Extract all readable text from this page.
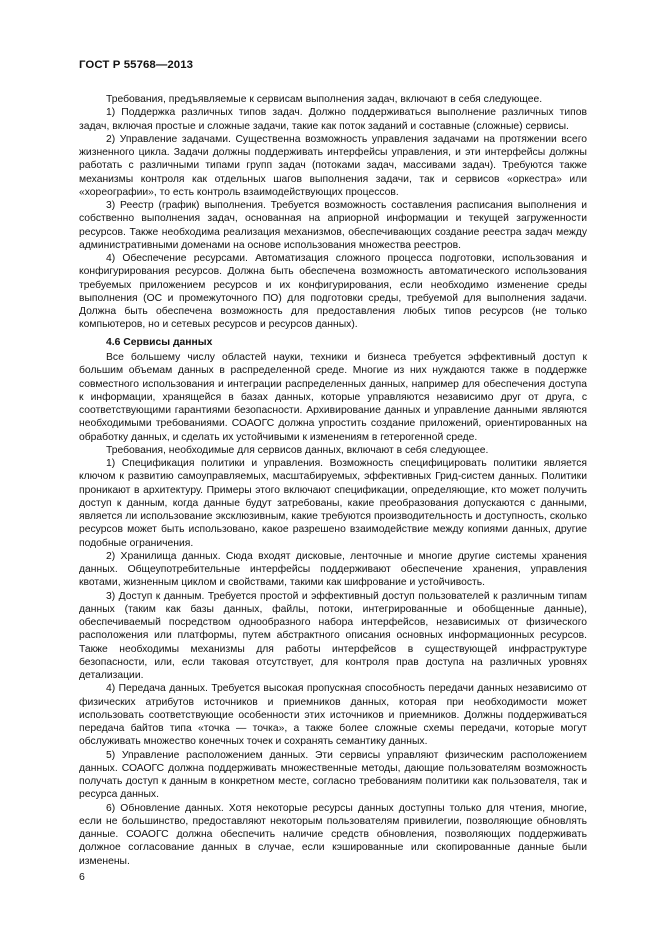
ГОСТ Р 55768—2013

Требования, предъявляемые к сервисам выполнения задач, включают в себя следующее.

1) Поддержка различных типов задач. Должно поддерживаться выполнение различных типов задач, включая простые и сложные задачи, такие как поток заданий и составные (сложные) сервисы.

2) Управление задачами. Существенна возможность управления задачами на протяжении всего жизненного цикла. Задачи должны поддерживать интерфейсы управления, и эти интерфейсы должны работать с различными типами групп задач (потоками задач, массивами задач). Требуются также механизмы контроля как отдельных шагов выполнения задачи, так и сервисов «оркестра» или «хореографии», то есть контроль взаимодействующих процессов.

3) Реестр (график) выполнения. Требуется возможность составления расписания выполнения и собственно выполнения задач, основанная на априорной информации и текущей загруженности ресурсов. Также необходима реализация механизмов, обеспечивающих создание реестра задач между административными доменами на основе использования множества реестров.

4) Обеспечение ресурсами. Автоматизация сложного процесса подготовки, использования и конфигурирования ресурсов. Должна быть обеспечена возможность автоматического использования требуемых приложением ресурсов и их конфигурирования, если необходимо изменение среды выполнения (ОС и промежуточного ПО) для подготовки среды, требуемой для выполнения задачи. Должна быть обеспечена возможность для предоставления любых типов ресурсов (не только компьютеров, но и сетевых ресурсов и ресурсов данных).

4.6 Сервисы данных

Все большему числу областей науки, техники и бизнеса требуется эффективный доступ к большим объемам данных в распределенной среде. Многие из них нуждаются также в поддержке совместного использования и интеграции распределенных данных, например для обеспечения доступа к информации, хранящейся в базах данных, которые управляются независимо друг от друга, с соответствующими гарантиями безопасности. Архивирование данных и управление данными являются необходимыми требованиями. СОАОГС должна упростить создание приложений, ориентированных на обработку данных, и сделать их устойчивыми к изменениям в гетерогенной среде.

Требования, необходимые для сервисов данных, включают в себя следующее.

1) Спецификация политики и управления. Возможность специфицировать политики является ключом к развитию самоуправляемых, масштабируемых, эффективных Грид-систем данных. Политики проникают в архитектуру. Примеры этого включают спецификации, определяющие, кто может получить доступ к данным, когда данные будут затребованы, какие преобразования допускаются с данными, является ли использование эксклюзивным, какие требуются производительность и доступность, сколько ресурсов может быть использовано, какое разрешено взаимодействие между копиями данных, другие подобные ограничения.

2) Хранилища данных. Сюда входят дисковые, ленточные и многие другие системы хранения данных. Общеупотребительные интерфейсы поддерживают обеспечение хранения, управления квотами, жизненным циклом и свойствами, такими как шифрование и устойчивость.

3) Доступ к данным. Требуется простой и эффективный доступ пользователей к различным типам данных (таким как базы данных, файлы, потоки, интегрированные и обобщенные данные), обеспечиваемый посредством однообразного набора интерфейсов, независимых от физического расположения или платформы, путем абстрактного описания основных информационных ресурсов. Также необходимы механизмы для работы интерфейсов в существующей инфраструктуре безопасности, или, если таковая отсутствует, для контроля прав доступа на различных уровнях детализации.

4) Передача данных. Требуется высокая пропускная способность передачи данных независимо от физических атрибутов источников и приемников данных, которая при необходимости может использовать соответствующие особенности этих источников и приемников. Должны поддерживаться передача байтов типа «точка — точка», а также более сложные схемы передачи, которые могут обслуживать множество конечных точек и сохранять семантику данных.

5) Управление расположением данных. Эти сервисы управляют физическим расположением данных. СОАОГС должна поддерживать множественные методы, дающие пользователям возможность получать доступ к данным в конкретном месте, согласно требованиям политики как пользователя, так и ресурса данных.

6) Обновление данных. Хотя некоторые ресурсы данных доступны только для чтения, многие, если не большинство, предоставляют некоторым пользователям привилегии, позволяющие обновлять данные. СОАОГС должна обеспечить наличие средств обновления, позволяющих поддерживать должное согласование данных в случае, если кэшированные или скопированные данные были изменены.

6
